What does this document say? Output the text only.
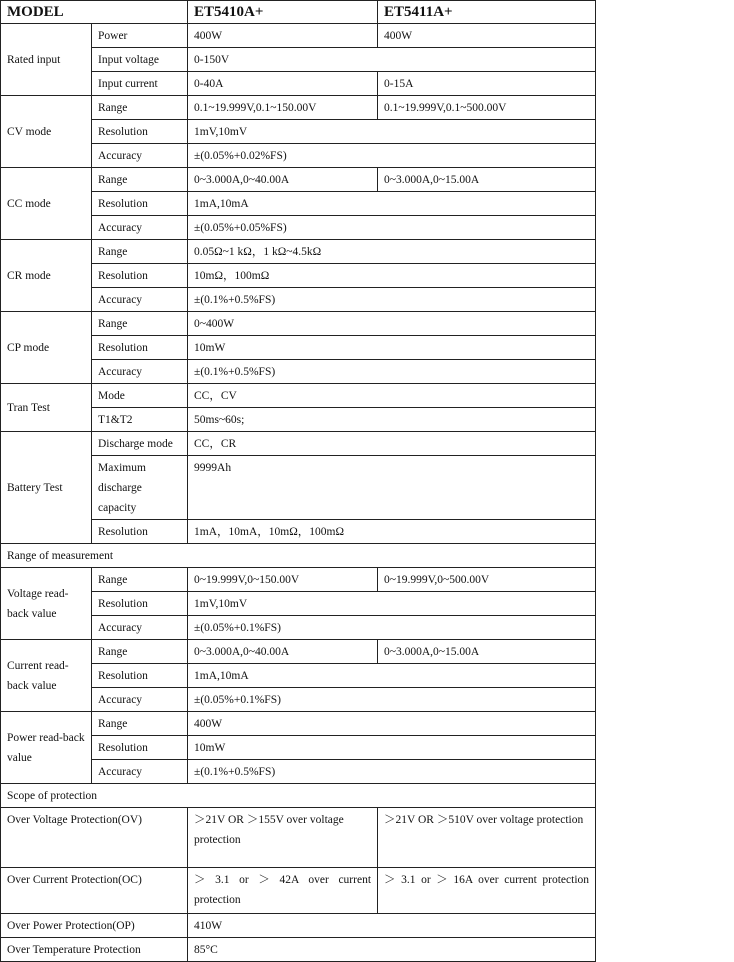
MODEL		ET5410A+	ET5411A+
Rated input	Power	400W	400W
	Input voltage	0-150V	
	Input current	0-40A	0-15A
CV mode	Range	0.1~19.999V,0.1~150.00V	0.1~19.999V,0.1~500.00V
	Resolution	1mV,10mV	
	Accuracy	±(0.05%+0.02%FS)	
CC mode	Range	0~3.000A,0~40.00A	0~3.000A,0~15.00A
	Resolution	1mA,10mA	
	Accuracy	±(0.05%+0.05%FS)	
CR mode	Range	0.05Ω~1 kΩ，1 kΩ~4.5kΩ	
	Resolution	10mΩ，100mΩ	
	Accuracy	±(0.1%+0.5%FS)	
CP mode	Range	0~400W	
	Resolution	10mW	
	Accuracy	±(0.1%+0.5%FS)	
Tran Test	Mode	CC，CV	
	T1&T2	50ms~60s;	
Battery Test	Discharge mode	CC，CR	
	Maximum discharge capacity	9999Ah	
	Resolution	1mA，10mA，10mΩ，100mΩ	
Range of measurement			
Voltage read-back value	Range	0~19.999V,0~150.00V	0~19.999V,0~500.00V
	Resolution	1mV,10mV	
	Accuracy	±(0.05%+0.1%FS)	
Current read-back value	Range	0~3.000A,0~40.00A	0~3.000A,0~15.00A
	Resolution	1mA,10mA	
	Accuracy	±(0.05%+0.1%FS)	
Power read-back value	Range	400W	
	Resolution	10mW	
	Accuracy	±(0.1%+0.5%FS)	
Scope of protection			
Over Voltage Protection(OV)		＞21V OR ＞155V over voltage protection	＞21V OR ＞510V over voltage protection
Over Current Protection(OC)		＞ 3.1 or ＞ 42A over current protection	＞ 3.1 or ＞ 16A over current protection
Over Power Protection(OP)		410W	
Over Temperature Protection		85°C	
